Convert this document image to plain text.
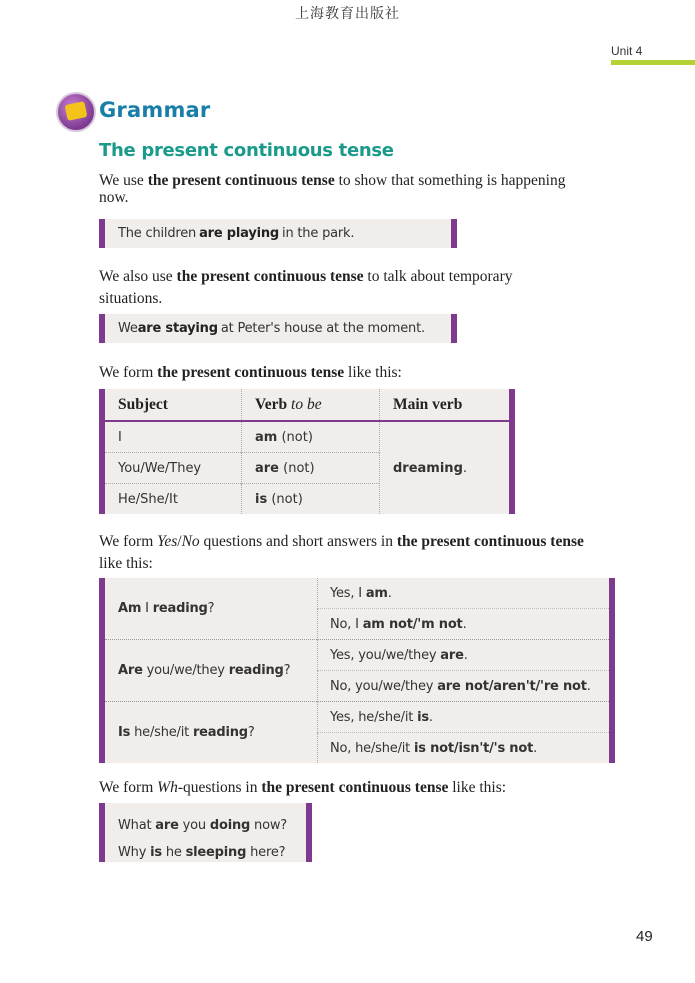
上海教育出版社
Unit 4
Grammar
The present continuous tense
We use the present continuous tense to show that something is happening now.
The children are playing in the park.
We also use the present continuous tense to talk about temporary situations.
We are staying at Peter's house at the moment.
We form the present continuous tense like this:
Subject	Verb to be	Main verb
I	am (not)	dreaming.
You/We/They	are (not)	
He/She/It	is (not)	
We form Yes/No questions and short answers in the present continuous tense like this:
Am I reading?	Yes, I am.
	No, I am not/'m not.
Are you/we/they reading?	Yes, you/we/they are.
	No, you/we/they are not/aren't/'re not.
Is he/she/it reading?	Yes, he/she/it is.
	No, he/she/it is not/isn't/'s not.
We form Wh-questions in the present continuous tense like this:
What are you doing now?
Why is he sleeping here?
49
